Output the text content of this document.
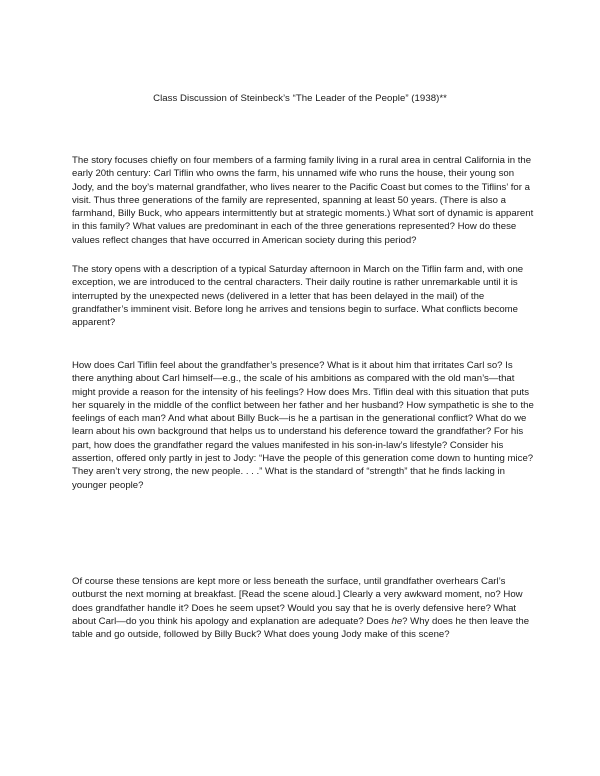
Class Discussion of Steinbeck’s “The Leader of the People” (1938)**

The story focuses chiefly on four members of a farming family living in a rural area in central California in the early 20th century: Carl Tiflin who owns the farm, his unnamed wife who runs the house, their young son Jody, and the boy’s maternal grandfather, who lives nearer to the Pacific Coast but comes to the Tiflins’ for a visit. Thus three generations of the family are represented, spanning at least 50 years. (There is also a farmhand, Billy Buck, who appears intermittently but at strategic moments.) What sort of dynamic is apparent in this family? What values are predominant in each of the three generations represented? How do these values reflect changes that have occurred in American society during this period?

The story opens with a description of a typical Saturday afternoon in March on the Tiflin farm and, with one exception, we are introduced to the central characters. Their daily routine is rather unremarkable until it is interrupted by the unexpected news (delivered in a letter that has been delayed in the mail) of the grandfather’s imminent visit. Before long he arrives and tensions begin to surface. What conflicts become apparent?

How does Carl Tiflin feel about the grandfather’s presence? What is it about him that irritates Carl so? Is there anything about Carl himself—e.g., the scale of his ambitions as compared with the old man’s—that might provide a reason for the intensity of his feelings? How does Mrs. Tiflin deal with this situation that puts her squarely in the middle of the conflict between her father and her husband? How sympathetic is she to the feelings of each man? And what about Billy Buck—is he a partisan in the generational conflict? What do we learn about his own background that helps us to understand his deference toward the grandfather? For his part, how does the grandfather regard the values manifested in his son-in-law’s lifestyle? Consider his assertion, offered only partly in jest to Jody: “Have the people of this generation come down to hunting mice? They aren’t very strong, the new people. . . .” What is the standard of “strength” that he finds lacking in younger people?

Of course these tensions are kept more or less beneath the surface, until grandfather overhears Carl’s outburst the next morning at breakfast. [Read the scene aloud.] Clearly a very awkward moment, no? How does grandfather handle it? Does he seem upset? Would you say that he is overly defensive here? What about Carl—do you think his apology and explanation are adequate? Does he? Why does he then leave the table and go outside, followed by Billy Buck? What does young Jody make of this scene?
